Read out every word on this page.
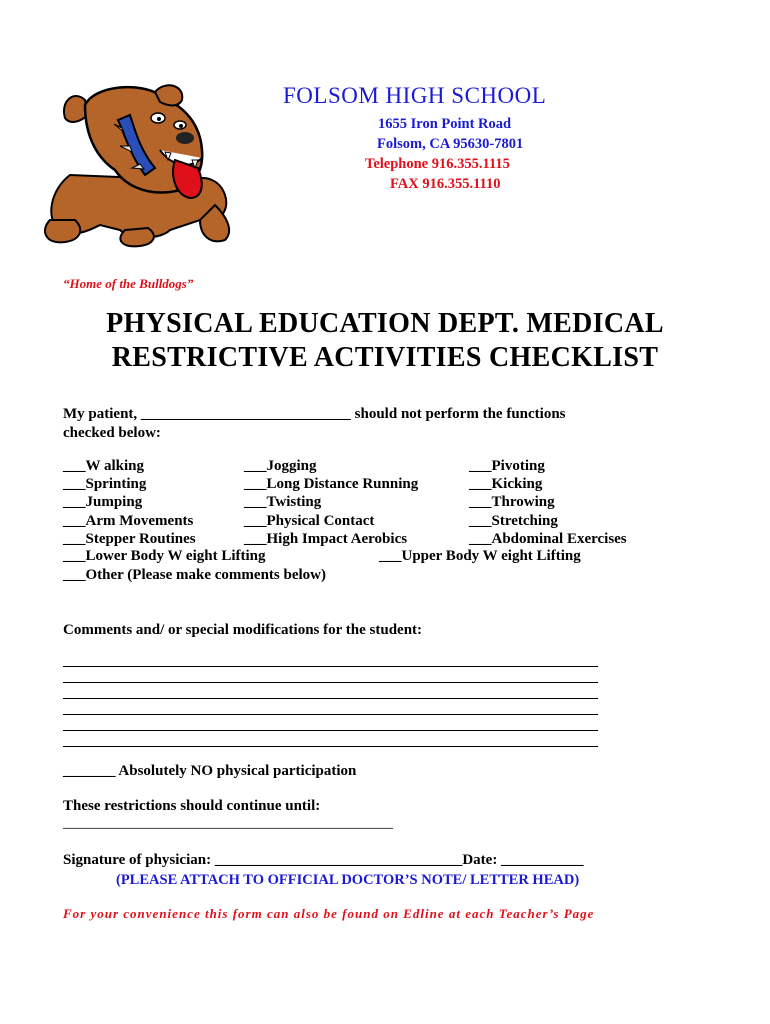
FOLSOM HIGH SCHOOL
1655 Iron Point Road
Folsom, CA 95630-7801
Telephone 916.355.1115
FAX 916.355.1110
“Home of the Bulldogs”
PHYSICAL EDUCATION DEPT. MEDICAL
RESTRICTIVE ACTIVITIES CHECKLIST
My patient, ____________________________ should not perform the functions
checked below:
___W alking
___Sprinting
___Jumping
___Arm Movements
___Stepper Routines
___Jogging
___Long Distance Running
___Twisting
___Physical Contact
___High Impact Aerobics
___Pivoting
___Kicking
___Throwing
___Stretching
___Abdominal Exercises
___Lower Body W eight Lifting	___Upper Body W eight Lifting
___Other (Please make comments below)
Comments and/ or special modifications for the student:
_______ Absolutely NO physical participation
These restrictions should continue until:
____________________________________________
Signature of physician: _________________________________Date: ___________
(PLEASE ATTACH TO OFFICIAL DOCTOR’S NOTE/ LETTER HEAD)
For your convenience this form can also be found on Edline at each Teacher’s Page
